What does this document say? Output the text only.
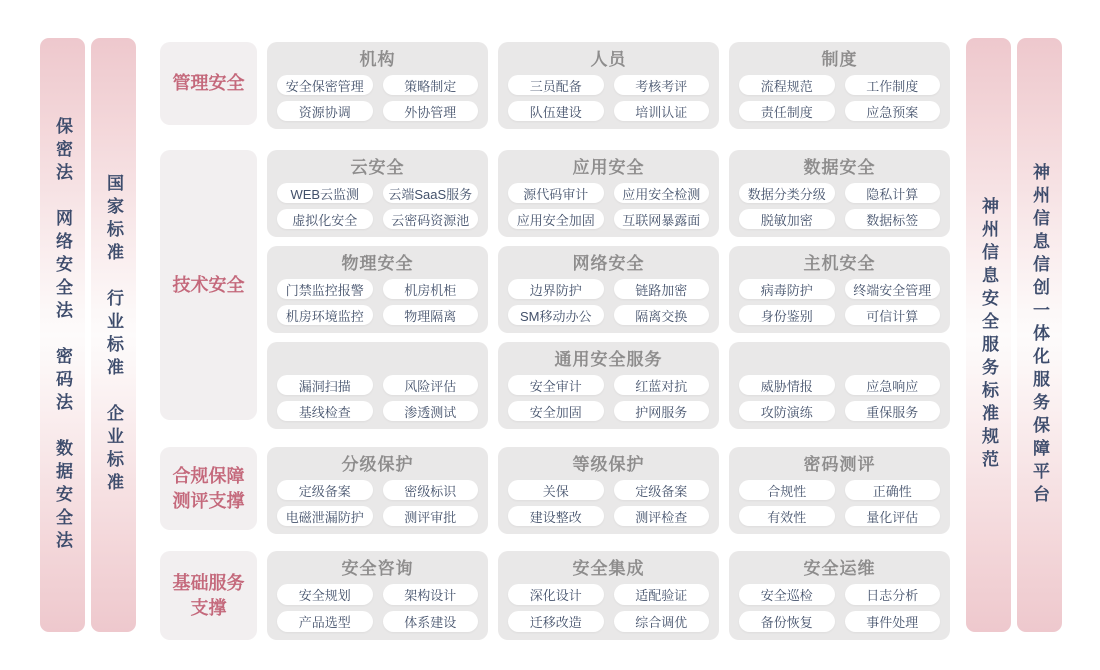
保密法　网络安全法　密码法　数据安全法	国家标准　行业标准　企业标准
管理安全
机构
安全保密管理	策略制定
资源协调	外协管理
人员
三员配备	考核考评
队伍建设	培训认证
制度
流程规范	工作制度
责任制度	应急预案
技术安全
云安全
WEB云监测	云端SaaS服务
虚拟化安全	云密码资源池
应用安全
源代码审计	应用安全检测
应用安全加固	互联网暴露面
数据安全
数据分类分级	隐私计算
脱敏加密	数据标签
物理安全
门禁监控报警	机房机柜
机房环境监控	物理隔离
网络安全
边界防护	链路加密
SM移动办公	隔离交换
主机安全
病毒防护	终端安全管理
身份鉴别	可信计算
漏洞扫描	风险评估
基线检查	渗透测试
通用安全服务
安全审计	红蓝对抗
安全加固	护网服务
威胁情报	应急响应
攻防演练	重保服务
合规保障
测评支撑
分级保护
定级备案	密级标识
电磁泄漏防护	测评审批
等级保护
关保	定级备案
建设整改	测评检查
密码测评
合规性	正确性
有效性	量化评估
基础服务
支撑
安全咨询
安全规划	架构设计
产品选型	体系建设
安全集成
深化设计	适配验证
迁移改造	综合调优
安全运维
安全巡检	日志分析
备份恢复	事件处理
神州信息安全服务标准规范	神州信息信创一体化服务保障平台
